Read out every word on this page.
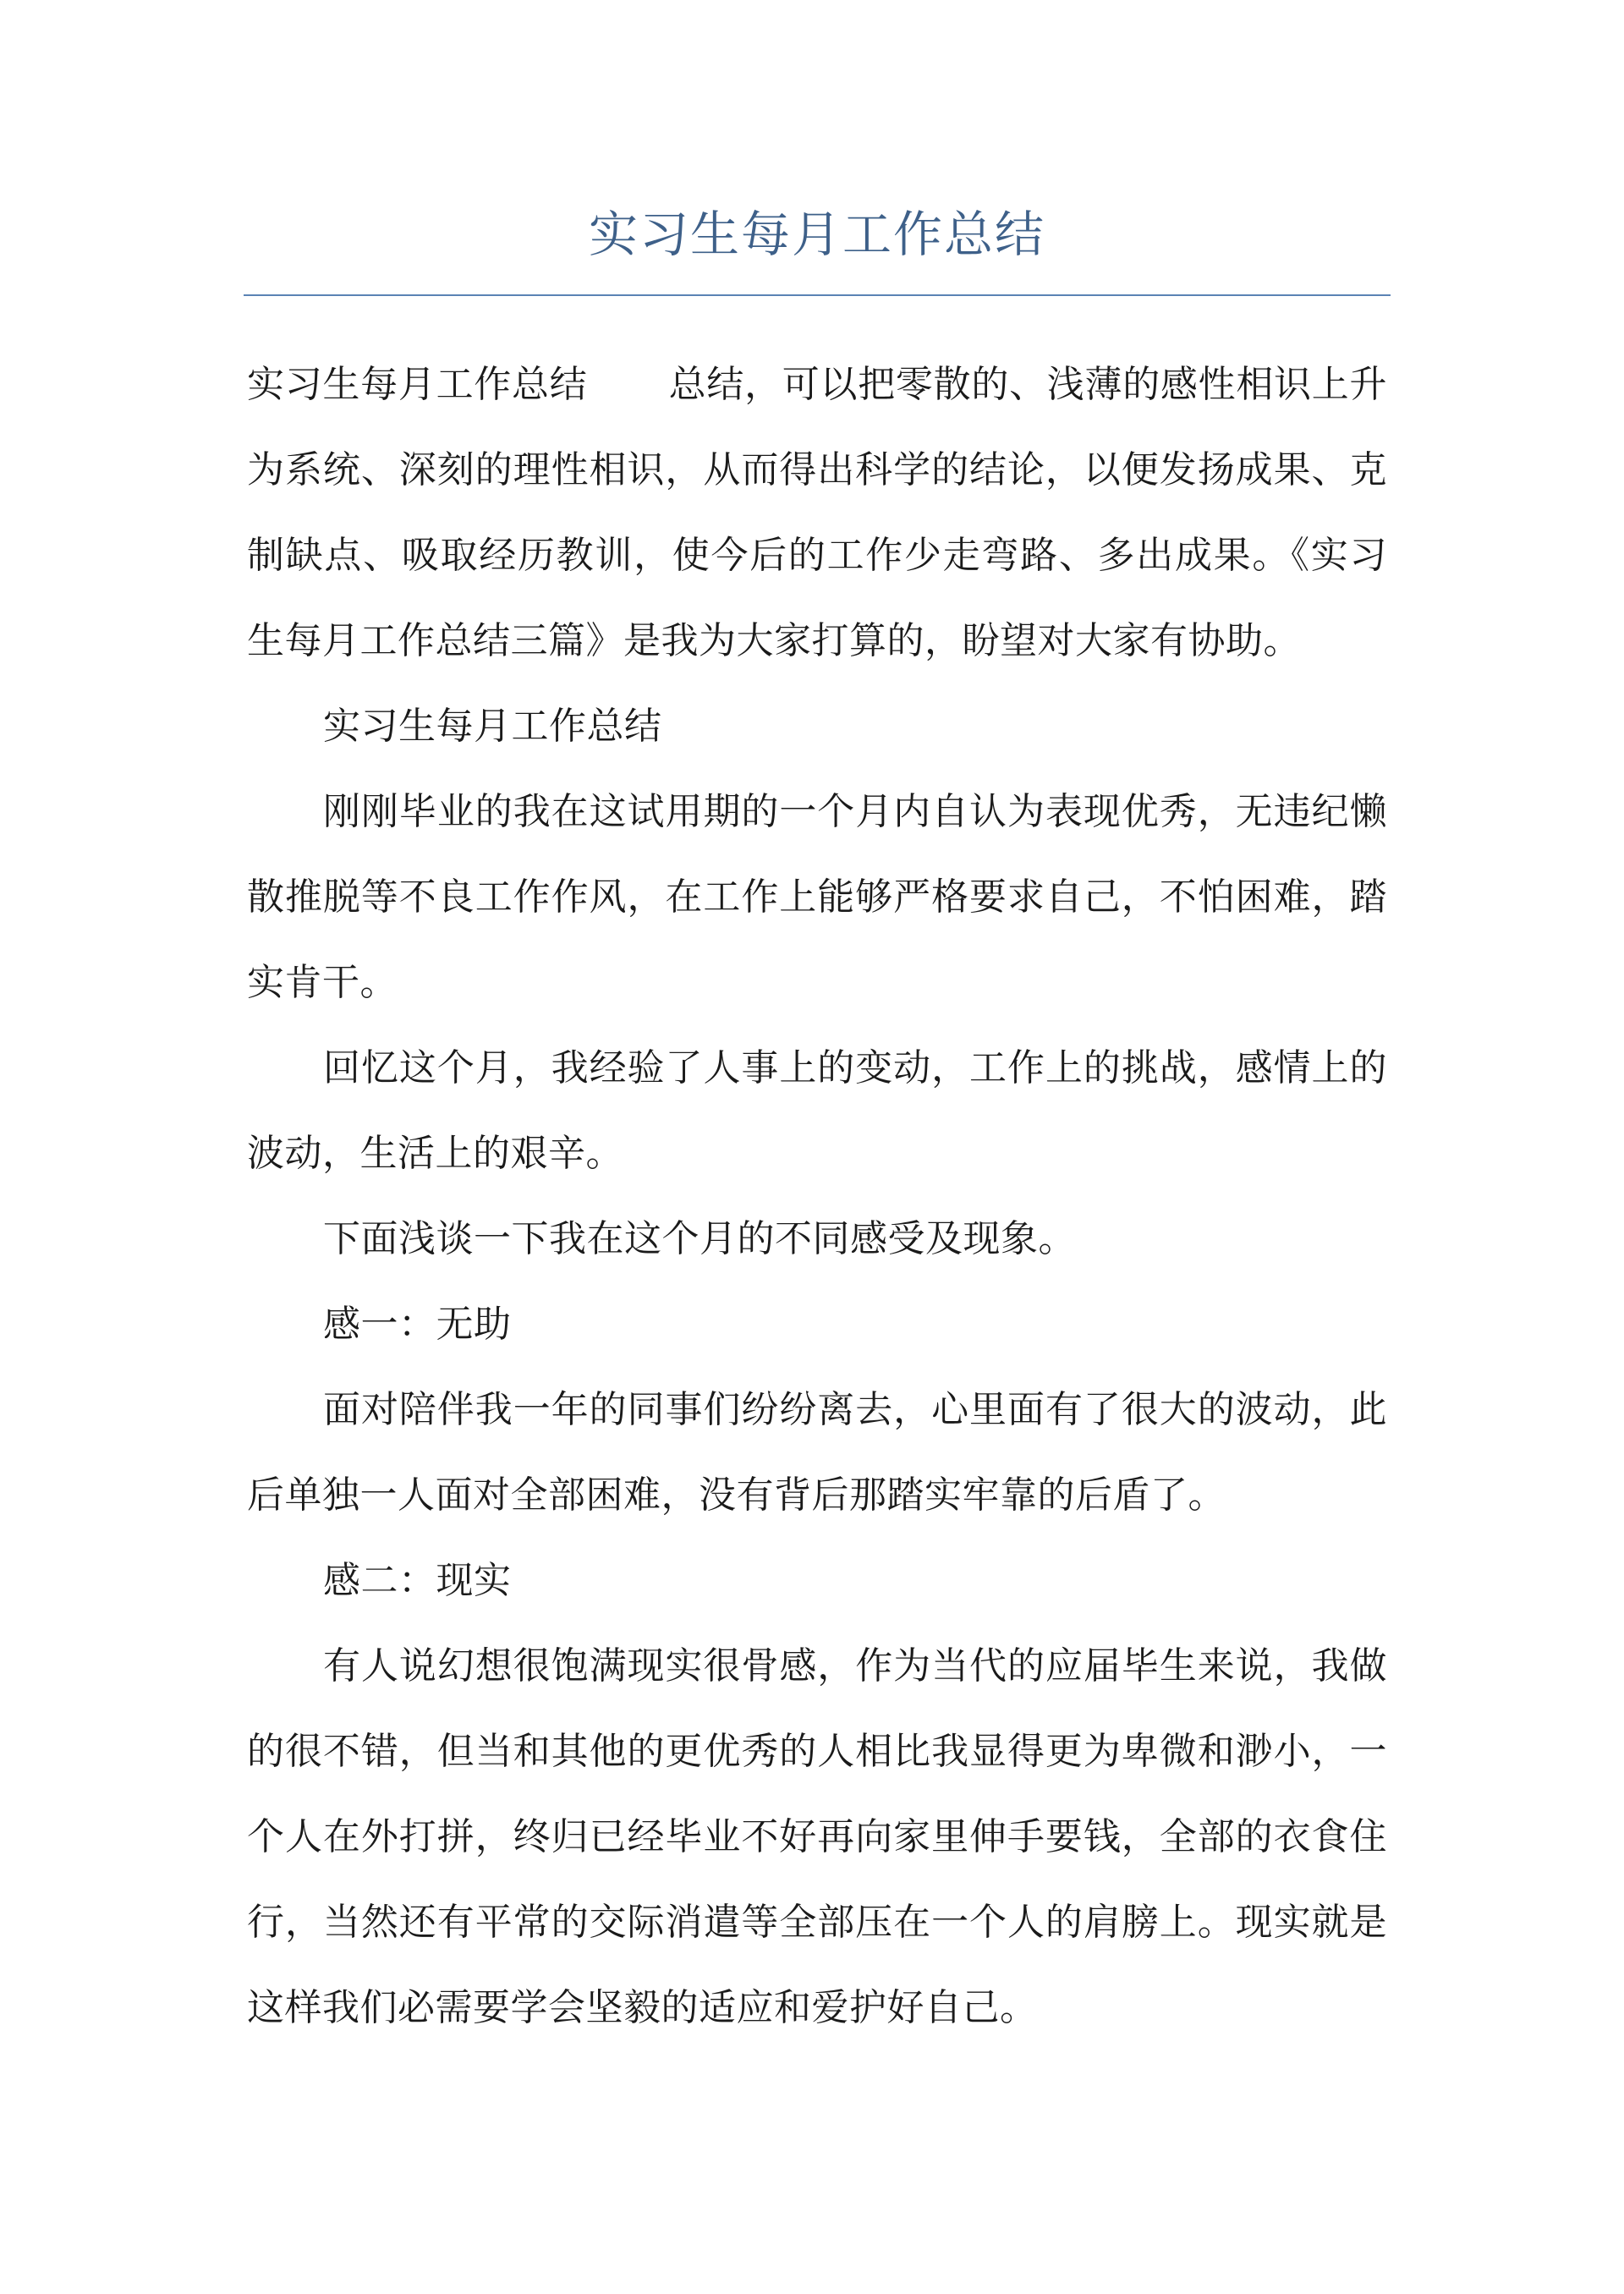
实习生每月工作总结

实习生每月工作总结 总结，可以把零散的、浅薄的感性相识上升为系统、深刻的理性相识，从而得出科学的结论，以便发扬成果、克制缺点、吸取经历教训，使今后的工作少走弯路、多出成果。《实习生每月工作总结三篇》是我为大家打算的，盼望对大家有协助。

实习生每月工作总结

刚刚毕业的我在这试用期的一个月内自认为表现优秀，无违纪懒散推脱等不良工作作风，在工作上能够严格要求自己，不怕困难，踏实肯干。

回忆这个月，我经验了人事上的变动，工作上的挑战，感情上的波动，生活上的艰辛。

下面浅谈一下我在这个月的不同感受及现象。

感一：无助

面对陪伴我一年的同事们纷纷离去，心里面有了很大的波动，此后单独一人面对全部困难，没有背后那踏实牢靠的后盾了。

感二：现实

有人说幻想很饱满现实很骨感，作为当代的应届毕生来说，我做的很不错，但当和其他的更优秀的人相比我显得更为卑微和渺小，一个人在外打拼，终归已经毕业不好再向家里伸手要钱，全部的衣食住行，当然还有平常的交际消遣等全部压在一个人的肩膀上。现实就是这样我们必需要学会坚毅的适应和爱护好自己。
